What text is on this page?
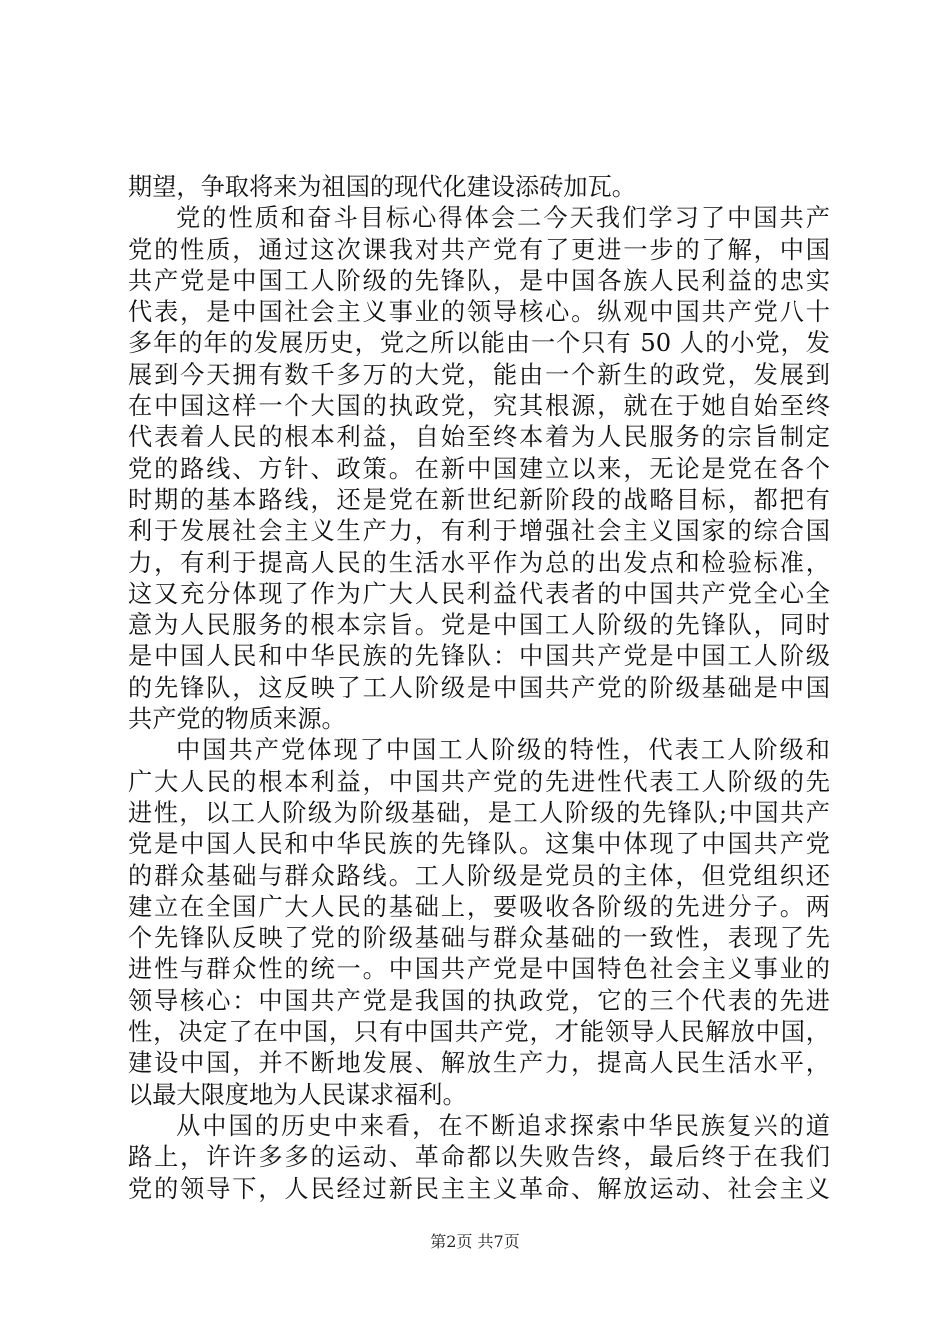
期望，争取将来为祖国的现代化建设添砖加瓦。
党的性质和奋斗目标心得体会二今天我们学习了中国共产
党的性质，通过这次课我对共产党有了更进一步的了解，中国
共产党是中国工人阶级的先锋队，是中国各族人民利益的忠实
代表，是中国社会主义事业的领导核心。纵观中国共产党八十
多年的年的发展历史，党之所以能由一个只有 50 人的小党，发
展到今天拥有数千多万的大党，能由一个新生的政党，发展到
在中国这样一个大国的执政党，究其根源，就在于她自始至终
代表着人民的根本利益，自始至终本着为人民服务的宗旨制定
党的路线、方针、政策。在新中国建立以来，无论是党在各个
时期的基本路线，还是党在新世纪新阶段的战略目标，都把有
利于发展社会主义生产力，有利于增强社会主义国家的综合国
力，有利于提高人民的生活水平作为总的出发点和检验标准，
这又充分体现了作为广大人民利益代表者的中国共产党全心全
意为人民服务的根本宗旨。党是中国工人阶级的先锋队，同时
是中国人民和中华民族的先锋队：中国共产党是中国工人阶级
的先锋队，这反映了工人阶级是中国共产党的阶级基础是中国
共产党的物质来源。
中国共产党体现了中国工人阶级的特性，代表工人阶级和
广大人民的根本利益，中国共产党的先进性代表工人阶级的先
进性，以工人阶级为阶级基础，是工人阶级的先锋队;中国共产
党是中国人民和中华民族的先锋队。这集中体现了中国共产党
的群众基础与群众路线。工人阶级是党员的主体，但党组织还
建立在全国广大人民的基础上，要吸收各阶级的先进分子。两
个先锋队反映了党的阶级基础与群众基础的一致性，表现了先
进性与群众性的统一。中国共产党是中国特色社会主义事业的
领导核心：中国共产党是我国的执政党，它的三个代表的先进
性，决定了在中国，只有中国共产党，才能领导人民解放中国，
建设中国，并不断地发展、解放生产力，提高人民生活水平，
以最大限度地为人民谋求福利。
从中国的历史中来看，在不断追求探索中华民族复兴的道
路上，许许多多的运动、革命都以失败告终，最后终于在我们
党的领导下，人民经过新民主主义革命、解放运动、社会主义
第2页 共7页
